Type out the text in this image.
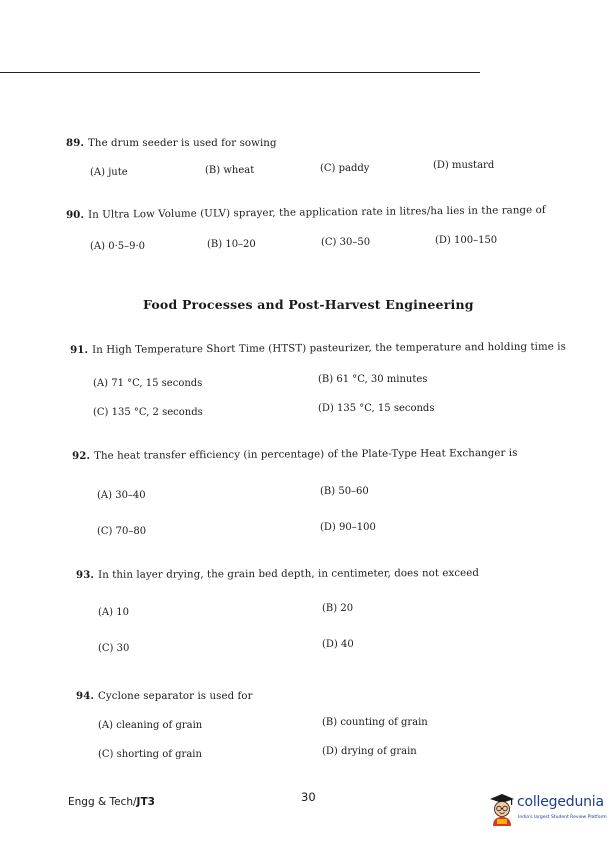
89. The drum seeder is used for sowing
(A) jute	(B) wheat	(C) paddy	(D) mustard
90. In Ultra Low Volume (ULV) sprayer, the application rate in litres/ha lies in the range of
(A) 0·5–9·0	(B) 10–20	(C) 30–50	(D) 100–150
Food Processes and Post-Harvest Engineering
91. In High Temperature Short Time (HTST) pasteurizer, the temperature and holding time is
(A) 71 °C, 15 seconds	(B) 61 °C, 30 minutes
(C) 135 °C, 2 seconds	(D) 135 °C, 15 seconds
92. The heat transfer efficiency (in percentage) of the Plate-Type Heat Exchanger is
(A) 30–40	(B) 50–60
(C) 70–80	(D) 90–100
93. In thin layer drying, the grain bed depth, in centimeter, does not exceed
(A) 10	(B) 20
(C) 30	(D) 40
94. Cyclone separator is used for
(A) cleaning of grain	(B) counting of grain
(C) shorting of grain	(D) drying of grain
Engg & Tech/JT3	30	collegedunia
India's largest Student Review Platform
